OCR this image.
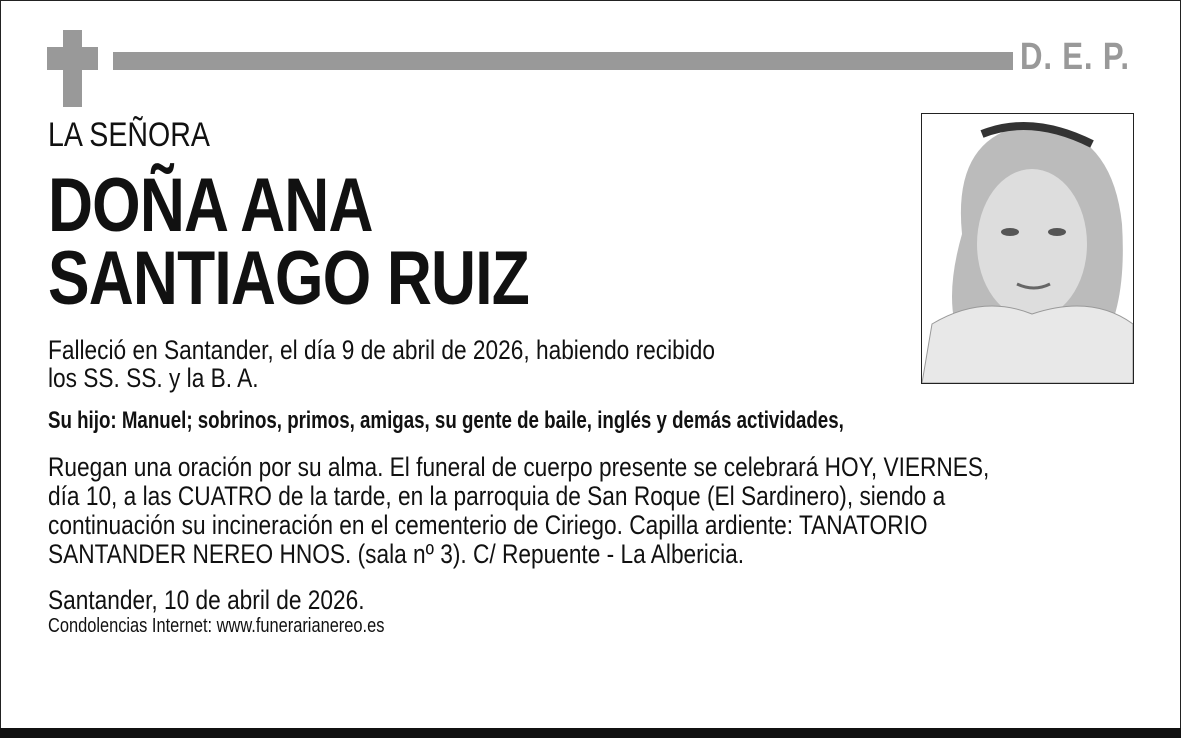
D. E. P.
LA SEÑORA
DOÑA ANA
SANTIAGO RUIZ
Falleció en Santander, el día 9 de abril de 2026, habiendo recibido
los SS. SS. y la B. A.
Su hijo: Manuel; sobrinos, primos, amigas, su gente de baile, inglés y demás actividades,
Ruegan una oración por su alma. El funeral de cuerpo presente se celebrará HOY, VIERNES,
día 10, a las CUATRO de la tarde, en la parroquia de San Roque (El Sardinero), siendo a
continuación su incineración en el cementerio de Ciriego. Capilla ardiente: TANATORIO
SANTANDER NEREO HNOS. (sala nº 3). C/ Repuente - La Albericia.
Santander, 10 de abril de 2026.
Condolencias Internet: www.funerarianereo.es
